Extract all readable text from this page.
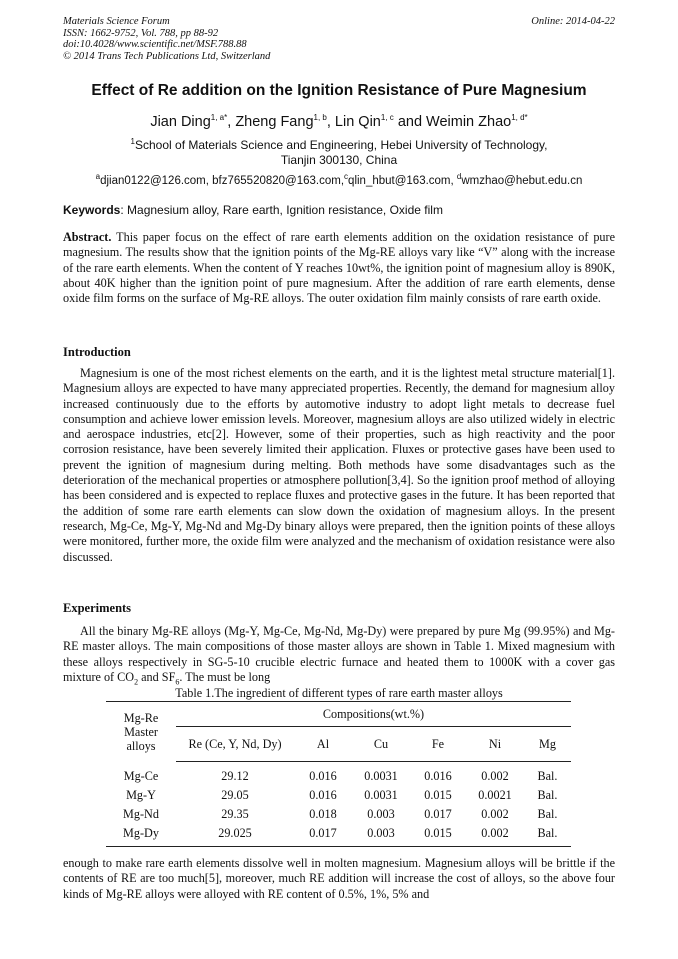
Materials Science Forum
ISSN: 1662-9752, Vol. 788, pp 88-92
doi:10.4028/www.scientific.net/MSF.788.88
© 2014 Trans Tech Publications Ltd, Switzerland
Online: 2014-04-22
Effect of Re addition on the Ignition Resistance of Pure Magnesium
Jian Ding$^{1, a*}$, Zheng Fang$^{1, b}$, Lin Qin$^{1, c}$ and Weimin Zhao$^{1, d*}$
$^1$School of Materials Science and Engineering, Hebei University of Technology,
Tianjin 300130, China
$^a$djian0122@126.com, bfz765520820@163.com,$^c$qlin_hbut@163.com, $^d$wmzhao@hebut.edu.cn
Keywords: Magnesium alloy, Rare earth, Ignition resistance, Oxide film

Abstract. This paper focus on the effect of rare earth elements addition on the oxidation resistance of pure magnesium. The results show that the ignition points of the Mg-RE alloys vary like “V” along with the increase of the rare earth elements. When the content of Y reaches 10wt%, the ignition point of magnesium alloy is 890K, about 40K higher than the ignition point of pure magnesium. After the addition of rare earth elements, dense oxide film forms on the surface of Mg-RE alloys. The outer oxidation film mainly consists of rare earth oxide.

Introduction

Magnesium is one of the most richest elements on the earth, and it is the lightest metal structure material[1]. Magnesium alloys are expected to have many appreciated properties. Recently, the demand for magnesium alloy increased continuously due to the efforts by automotive industry to adopt light metals to decrease fuel consumption and achieve lower emission levels. Moreover, magnesium alloys are also utilized widely in electric and aerospace industries, etc[2]. However, some of their properties, such as high reactivity and the poor corrosion resistance, have been severely limited their application. Fluxes or protective gases have been used to prevent the ignition of magnesium during melting. Both methods have some disadvantages such as the deterioration of the mechanical properties or atmosphere pollution[3,4]. So the ignition proof method of alloying has been considered and is expected to replace fluxes and protective gases in the future. It has been reported that the addition of some rare earth elements can slow down the oxidation of magnesium alloys. In the present research, Mg-Ce, Mg-Y, Mg-Nd and Mg-Dy binary alloys were prepared, then the ignition points of these alloys were monitored, further more, the oxide film were analyzed and the mechanism of oxidation resistance were also discussed.

Experiments

All the binary Mg-RE alloys (Mg-Y, Mg-Ce, Mg-Nd, Mg-Dy) were prepared by pure Mg (99.95%) and Mg-RE master alloys. The main compositions of those master alloys are shown in Table 1. Mixed magnesium with these alloys respectively in SG-5-10 crucible electric furnace and heated them to 1000K with a cover gas mixture of $CO_2$ and $SF_6$. The must be long

Table 1.The ingredient of different types of rare earth master alloys
Mg-Re
Master
alloys	Compositions(wt.%)					
	Re (Ce, Y, Nd, Dy)	Al	Cu	Fe	Ni	Mg
Mg-Ce	29.12	0.016	0.0031	0.016	0.002	Bal.
Mg-Y	29.05	0.016	0.0031	0.015	0.0021	Bal.
Mg-Nd	29.35	0.018	0.003	0.017	0.002	Bal.
Mg-Dy	29.025	0.017	0.003	0.015	0.002	Bal.

enough to make rare earth elements dissolve well in molten magnesium. Magnesium alloys will be brittle if the contents of RE are too much[5], moreover, much RE addition will increase the cost of alloys, so the above four kinds of Mg-RE alloys were alloyed with RE content of 0.5%, 1%, 5% and
